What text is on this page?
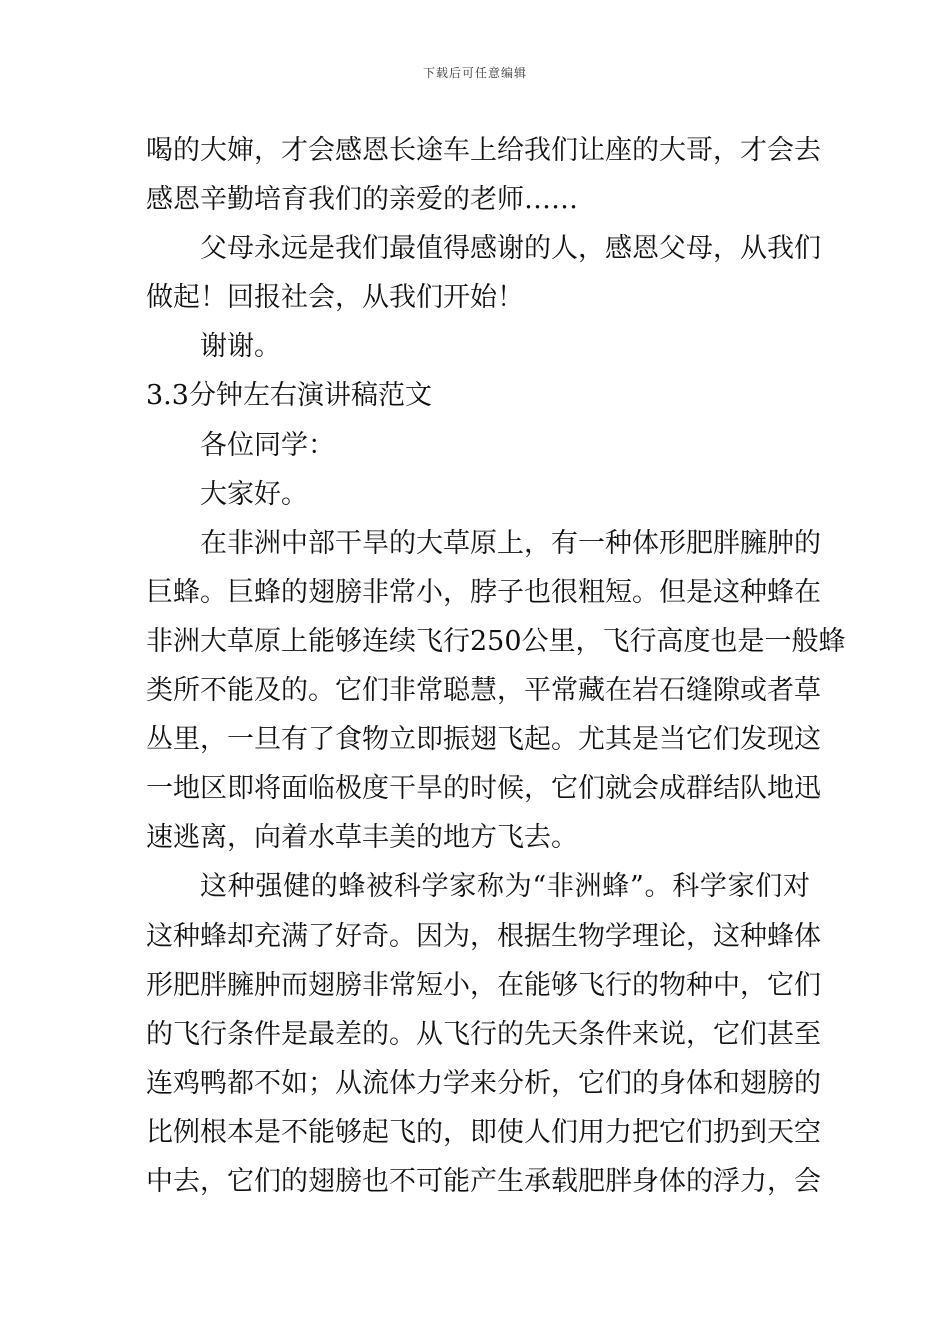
下载后可任意编辑
喝的大婶，才会感恩长途车上给我们让座的大哥，才会去
感恩辛勤培育我们的亲爱的老师……
父母永远是我们最值得感谢的人，感恩父母，从我们
做起！回报社会，从我们开始！
谢谢。
3.3分钟左右演讲稿范文
各位同学：
大家好。
在非洲中部干旱的大草原上，有一种体形肥胖臃肿的
巨蜂。巨蜂的翅膀非常小，脖子也很粗短。但是这种蜂在
非洲大草原上能够连续飞行250公里，飞行高度也是一般蜂
类所不能及的。它们非常聪慧，平常藏在岩石缝隙或者草
丛里，一旦有了食物立即振翅飞起。尤其是当它们发现这
一地区即将面临极度干旱的时候，它们就会成群结队地迅
速逃离，向着水草丰美的地方飞去。
这种强健的蜂被科学家称为“非洲蜂”。科学家们对
这种蜂却充满了好奇。因为，根据生物学理论，这种蜂体
形肥胖臃肿而翅膀非常短小，在能够飞行的物种中，它们
的飞行条件是最差的。从飞行的先天条件来说，它们甚至
连鸡鸭都不如；从流体力学来分析，它们的身体和翅膀的
比例根本是不能够起飞的，即使人们用力把它们扔到天空
中去，它们的翅膀也不可能产生承载肥胖身体的浮力，会
